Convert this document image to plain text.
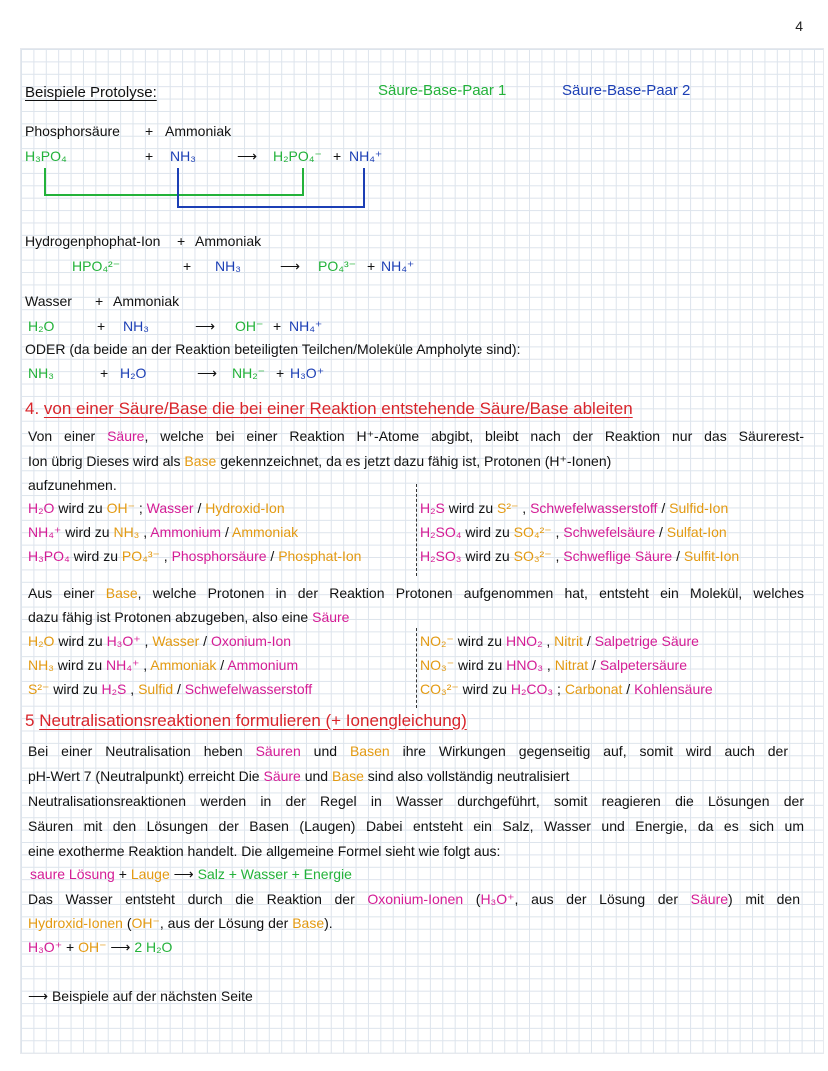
4
Beispiele Protolyse:	Säure-Base-Paar 1	Säure-Base-Paar 2
Phosphorsäure + Ammoniak
H₃PO₄	+ NH₃	⟶ H₂PO₄⁻ + NH₄⁺
Hydrogenphophat-Ion + Ammoniak
HPO₄²⁻	+ NH₃	⟶ PO₄³⁻ + NH₄⁺
Wasser + Ammoniak
H₂O	+ NH₃	⟶ OH⁻ + NH₄⁺
ODER (da beide an der Reaktion beteiligten Teilchen/Moleküle Ampholyte sind):
NH₃	+ H₂O	⟶ NH₂⁻ + H₃O⁺
4. von einer Säure/Base die bei einer Reaktion entstehende Säure/Base ableiten
Von einer Säure, welche bei einer Reaktion H⁺-Atome abgibt, bleibt nach der Reaktion nur das Säurerest-
Ion übrig Dieses wird als Base gekennzeichnet, da es jetzt dazu fähig ist, Protonen (H⁺-Ionen)
aufzunehmen.
H₂O wird zu OH⁻ ; Wasser / Hydroxid-Ion	H₂S wird zu S²⁻ , Schwefelwasserstoff / Sulfid-Ion
NH₄⁺ wird zu NH₃ , Ammonium / Ammoniak	H₂SO₄ wird zu SO₄²⁻ , Schwefelsäure / Sulfat-Ion
H₃PO₄ wird zu PO₄³⁻ , Phosphorsäure / Phosphat-Ion	H₂SO₃ wird zu SO₃²⁻ , Schweflige Säure / Sulfit-Ion
Aus einer Base, welche Protonen in der Reaktion Protonen aufgenommen hat, entsteht ein Molekül, welches
dazu fähig ist Protonen abzugeben, also eine Säure
H₂O wird zu H₃O⁺ , Wasser / Oxonium-Ion	NO₂⁻ wird zu HNO₂ , Nitrit / Salpetrige Säure
NH₃ wird zu NH₄⁺ , Ammoniak / Ammonium	NO₃⁻ wird zu HNO₃ , Nitrat / Salpetersäure
S²⁻ wird zu H₂S , Sulfid / Schwefelwasserstoff	CO₃²⁻ wird zu H₂CO₃ ; Carbonat / Kohlensäure
5 Neutralisationsreaktionen formulieren (+ Ionengleichung)
Bei einer Neutralisation heben Säuren und Basen ihre Wirkungen gegenseitig auf, somit wird auch der
pH-Wert 7 (Neutralpunkt) erreicht Die Säure und Base sind also vollständig neutralisiert
Neutralisationsreaktionen werden in der Regel in Wasser durchgeführt, somit reagieren die Lösungen der
Säuren mit den Lösungen der Basen (Laugen) Dabei entsteht ein Salz, Wasser und Energie, da es sich um
eine exotherme Reaktion handelt. Die allgemeine Formel sieht wie folgt aus:
saure Lösung + Lauge ⟶ Salz + Wasser + Energie
Das Wasser entsteht durch die Reaktion der Oxonium-Ionen (H₃O⁺, aus der Lösung der Säure) mit den
Hydroxid-Ionen (OH⁻, aus der Lösung der Base).
H₃O⁺ + OH⁻ ⟶ 2 H₂O
⟶ Beispiele auf der nächsten Seite
